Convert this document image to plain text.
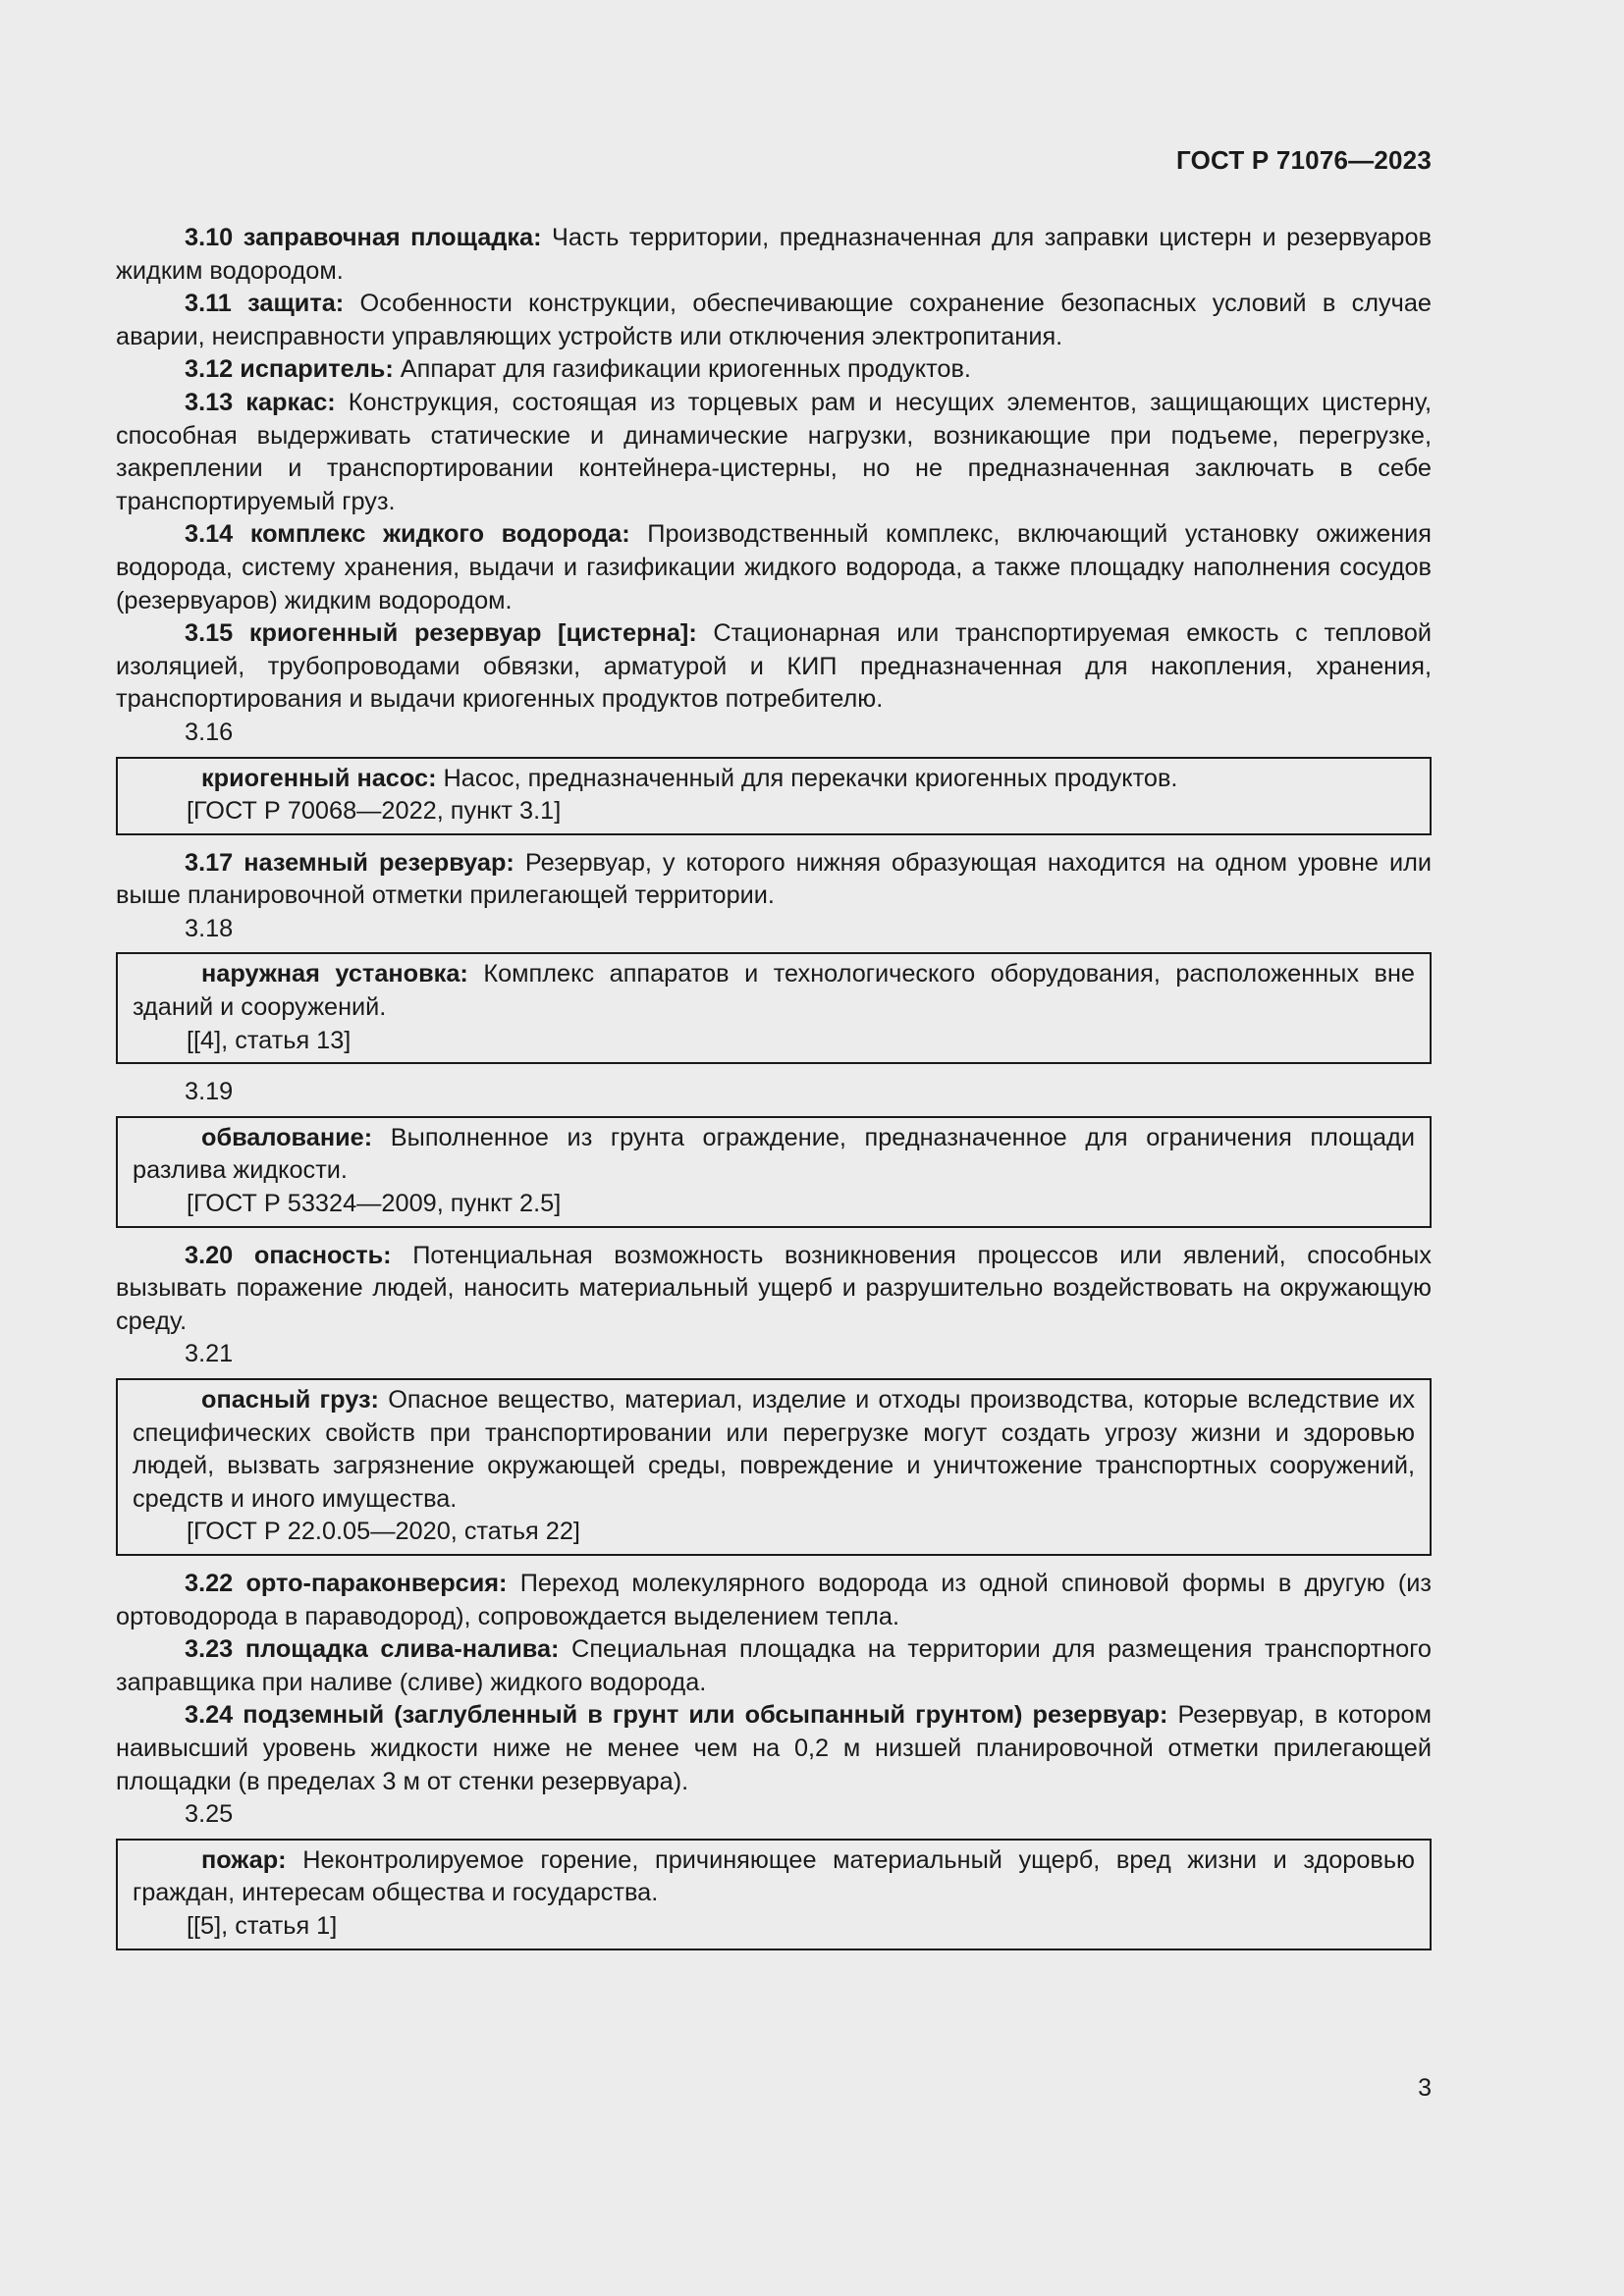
ГОСТ Р 71076—2023

3.10 заправочная площадка: Часть территории, предназначенная для заправки цистерн и резервуаров жидким водородом.

3.11 защита: Особенности конструкции, обеспечивающие сохранение безопасных условий в случае аварии, неисправности управляющих устройств или отключения электропитания.

3.12 испаритель: Аппарат для газификации криогенных продуктов.

3.13 каркас: Конструкция, состоящая из торцевых рам и несущих элементов, защищающих цистерну, способная выдерживать статические и динамические нагрузки, возникающие при подъеме, перегрузке, закреплении и транспортировании контейнера-цистерны, но не предназначенная заключать в себе транспортируемый груз.

3.14 комплекс жидкого водорода: Производственный комплекс, включающий установку ожижения водорода, систему хранения, выдачи и газификации жидкого водорода, а также площадку наполнения сосудов (резервуаров) жидким водородом.

3.15 криогенный резервуар [цистерна]: Стационарная или транспортируемая емкость с тепловой изоляцией, трубопроводами обвязки, арматурой и КИП предназначенная для накопления, хранения, транспортирования и выдачи криогенных продуктов потребителю.

3.16

криогенный насос: Насос, предназначенный для перекачки криогенных продуктов.

[ГОСТ Р 70068—2022, пункт 3.1]

3.17 наземный резервуар: Резервуар, у которого нижняя образующая находится на одном уровне или выше планировочной отметки прилегающей территории.

3.18

наружная установка: Комплекс аппаратов и технологического оборудования, расположенных вне зданий и сооружений.

[[4], статья 13]

3.19

обвалование: Выполненное из грунта ограждение, предназначенное для ограничения площади разлива жидкости.

[ГОСТ Р 53324—2009, пункт 2.5]

3.20 опасность: Потенциальная возможность возникновения процессов или явлений, способных вызывать поражение людей, наносить материальный ущерб и разрушительно воздействовать на окружающую среду.

3.21

опасный груз: Опасное вещество, материал, изделие и отходы производства, которые вследствие их специфических свойств при транспортировании или перегрузке могут создать угрозу жизни и здоровью людей, вызвать загрязнение окружающей среды, повреждение и уничтожение транспортных сооружений, средств и иного имущества.

[ГОСТ Р 22.0.05—2020, статья 22]

3.22 орто-параконверсия: Переход молекулярного водорода из одной спиновой формы в другую (из ортоводорода в параводород), сопровождается выделением тепла.

3.23 площадка слива-налива: Специальная площадка на территории для размещения транспортного заправщика при наливе (сливе) жидкого водорода.

3.24 подземный (заглубленный в грунт или обсыпанный грунтом) резервуар: Резервуар, в котором наивысший уровень жидкости ниже не менее чем на 0,2 м низшей планировочной отметки прилегающей площадки (в пределах 3 м от стенки резервуара).

3.25

пожар: Неконтролируемое горение, причиняющее материальный ущерб, вред жизни и здоровью граждан, интересам общества и государства.

[[5], статья 1]
3
